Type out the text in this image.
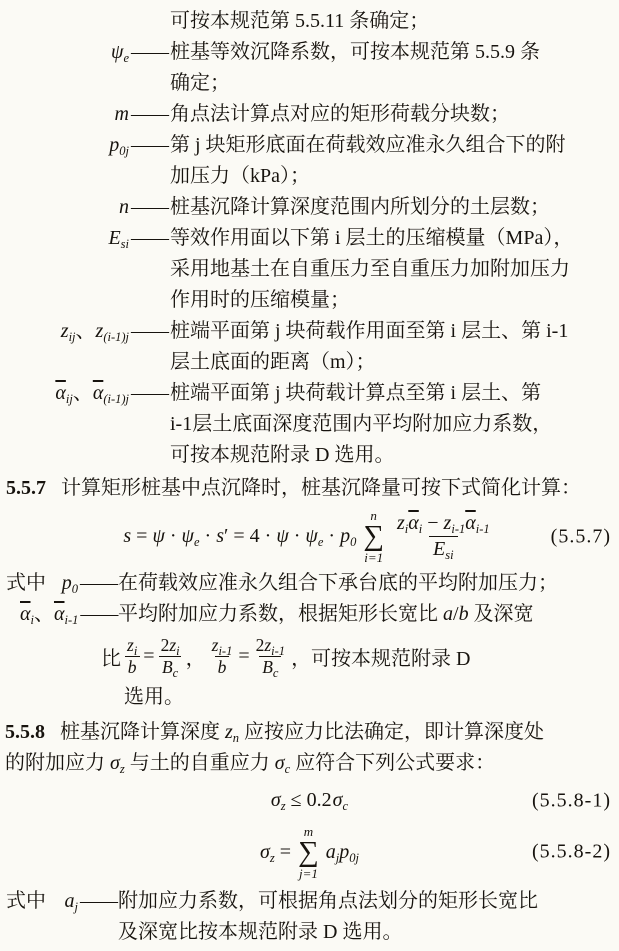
可按本规范第 5.5.11 条确定；
$\psi_e$ —— 桩基等效沉降系数，可按本规范第 5.5.9 条
确定；
m —— 角点法计算点对应的矩形荷载分块数；
$p_{0j}$ —— 第 j 块矩形底面在荷载效应准永久组合下的附
加压力（kPa）；
n —— 桩基沉降计算深度范围内所划分的土层数；
$E_{si}$ —— 等效作用面以下第 i 层土的压缩模量（MPa），
采用地基土在自重压力至自重压力加附加压力
作用时的压缩模量；
$z_{ij}$、$z_{(i-1)j}$ —— 桩端平面第 j 块荷载作用面至第 i 层土、第 i-1
层土底面的距离（m）；
$\overline{\alpha}_{ij}$、$\overline{\alpha}_{(i-1)j}$ —— 桩端平面第 j 块荷载计算点至第 i 层土、第
i-1层土底面深度范围内平均附加应力系数，
可按本规范附录 D 选用。
5.5.7 计算矩形桩基中点沉降时，桩基沉降量可按下式简化计算：
$s = \psi \cdot \psi_e \cdot s' = 4 \cdot \psi \cdot \psi_e \cdot p_0$
n
∑
$i=1 \frac{z_i\overline{\alpha}_i - z_{i-1}\overline{\alpha}_{i-1}}{E_{si}}$	(5.5.7)
式中 $p_0$ —— 在荷载效应准永久组合下承台底的平均附加压力；
$\overline{\alpha}_i$、$\overline{\alpha}_{i-1}$ —— 平均附加应力系数，根据矩形长宽比 a/b 及深宽
比 $\frac{z_i}{b} = \frac{2z_i}{B_c}$ ， $\frac{z_{i-1}}{b} = \frac{2z_{i-1}}{B_c}$ ，可按本规范附录 D
选用。
5.5.8 桩基沉降计算深度 $z_n$ 应按应力比法确定，即计算深度处
的附加应力 $\sigma_z$ 与土的自重应力 $\sigma_c$ 应符合下列公式要求：
$\sigma_z \le 0.2$ $\sigma_c$	(5.5.8-1)
$\sigma_z$ =
m
∑
j=1
$a_jp_{0j}$	(5.5.8-2)
式中 $a_j$ —— 附加应力系数，可根据角点法划分的矩形长宽比
及深宽比按本规范附录 D 选用。
